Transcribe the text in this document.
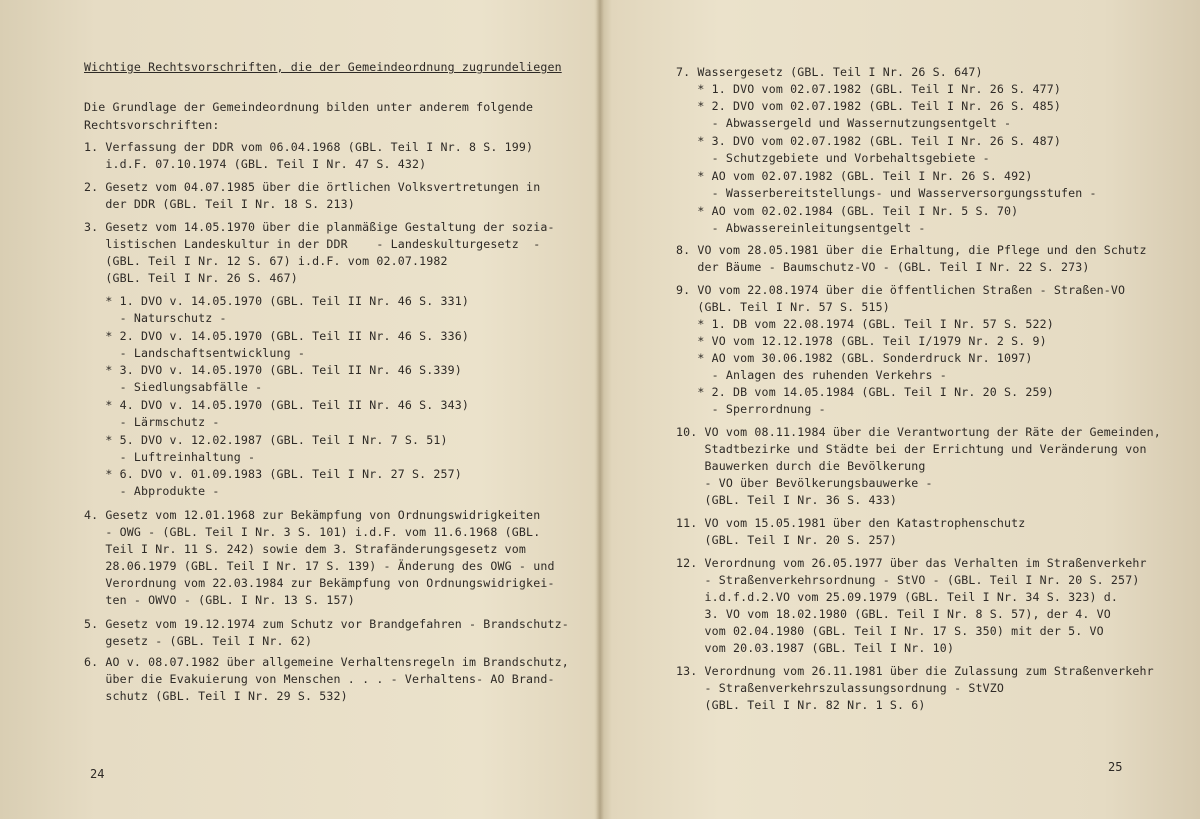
Wichtige Rechtsvorschriften, die der Gemeindeordnung zugrundeliegen
Die Grundlage der Gemeindeordnung bilden unter anderem folgende
Rechtsvorschriften:
1. Verfassung der DDR vom 06.04.1968 (GBL. Teil I Nr. 8 S. 199)
i.d.F. 07.10.1974 (GBL. Teil I Nr. 47 S. 432)
2. Gesetz vom 04.07.1985 über die örtlichen Volksvertretungen in
der DDR (GBL. Teil I Nr. 18 S. 213)
3. Gesetz vom 14.05.1970 über die planmäßige Gestaltung der sozia-
listischen Landeskultur in der DDR    - Landeskulturgesetz  -
(GBL. Teil I Nr. 12 S. 67) i.d.F. vom 02.07.1982
(GBL. Teil I Nr. 26 S. 467)
* 1. DVO v. 14.05.1970 (GBL. Teil II Nr. 46 S. 331)
- Naturschutz -
* 2. DVO v. 14.05.1970 (GBL. Teil II Nr. 46 S. 336)
- Landschaftsentwicklung -
* 3. DVO v. 14.05.1970 (GBL. Teil II Nr. 46 S.339)
- Siedlungsabfälle -
* 4. DVO v. 14.05.1970 (GBL. Teil II Nr. 46 S. 343)
- Lärmschutz -
* 5. DVO v. 12.02.1987 (GBL. Teil I Nr. 7 S. 51)
- Luftreinhaltung -
* 6. DVO v. 01.09.1983 (GBL. Teil I Nr. 27 S. 257)
- Abprodukte -
4. Gesetz vom 12.01.1968 zur Bekämpfung von Ordnungswidrigkeiten
- OWG - (GBL. Teil I Nr. 3 S. 101) i.d.F. vom 11.6.1968 (GBL.
Teil I Nr. 11 S. 242) sowie dem 3. Strafänderungsgesetz vom
28.06.1979 (GBL. Teil I Nr. 17 S. 139) - Änderung des OWG - und
Verordnung vom 22.03.1984 zur Bekämpfung von Ordnungswidrigkei-
ten - OWVO - (GBL. I Nr. 13 S. 157)
5. Gesetz vom 19.12.1974 zum Schutz vor Brandgefahren - Brandschutz-
gesetz - (GBL. Teil I Nr. 62)
6. AO v. 08.07.1982 über allgemeine Verhaltensregeln im Brandschutz,
über die Evakuierung von Menschen . . . - Verhaltens- AO Brand-
schutz (GBL. Teil I Nr. 29 S. 532)
24
7. Wassergesetz (GBL. Teil I Nr. 26 S. 647)
* 1. DVO vom 02.07.1982 (GBL. Teil I Nr. 26 S. 477)
* 2. DVO vom 02.07.1982 (GBL. Teil I Nr. 26 S. 485)
- Abwassergeld und Wassernutzungsentgelt -
* 3. DVO vom 02.07.1982 (GBL. Teil I Nr. 26 S. 487)
- Schutzgebiete und Vorbehaltsgebiete -
* AO vom 02.07.1982 (GBL. Teil I Nr. 26 S. 492)
- Wasserbereitstellungs- und Wasserversorgungsstufen -
* AO vom 02.02.1984 (GBL. Teil I Nr. 5 S. 70)
- Abwassereinleitungsentgelt -
8. VO vom 28.05.1981 über die Erhaltung, die Pflege und den Schutz
der Bäume - Baumschutz-VO - (GBL. Teil I Nr. 22 S. 273)
9. VO vom 22.08.1974 über die öffentlichen Straßen - Straßen-VO
(GBL. Teil I Nr. 57 S. 515)
* 1. DB vom 22.08.1974 (GBL. Teil I Nr. 57 S. 522)
* VO vom 12.12.1978 (GBL. Teil I/1979 Nr. 2 S. 9)
* AO vom 30.06.1982 (GBL. Sonderdruck Nr. 1097)
- Anlagen des ruhenden Verkehrs -
* 2. DB vom 14.05.1984 (GBL. Teil I Nr. 20 S. 259)
- Sperrordnung -
10. VO vom 08.11.1984 über die Verantwortung der Räte der Gemeinden,
Stadtbezirke und Städte bei der Errichtung und Veränderung von
Bauwerken durch die Bevölkerung
- VO über Bevölkerungsbauwerke -
(GBL. Teil I Nr. 36 S. 433)
11. VO vom 15.05.1981 über den Katastrophenschutz
(GBL. Teil I Nr. 20 S. 257)
12. Verordnung vom 26.05.1977 über das Verhalten im Straßenverkehr
- Straßenverkehrsordnung - StVO - (GBL. Teil I Nr. 20 S. 257)
i.d.f.d.2.VO vom 25.09.1979 (GBL. Teil I Nr. 34 S. 323) d.
3. VO vom 18.02.1980 (GBL. Teil I Nr. 8 S. 57), der 4. VO
vom 02.04.1980 (GBL. Teil I Nr. 17 S. 350) mit der 5. VO
vom 20.03.1987 (GBL. Teil I Nr. 10)
13. Verordnung vom 26.11.1981 über die Zulassung zum Straßenverkehr
- Straßenverkehrszulassungsordnung - StVZO
(GBL. Teil I Nr. 82 Nr. 1 S. 6)
25
